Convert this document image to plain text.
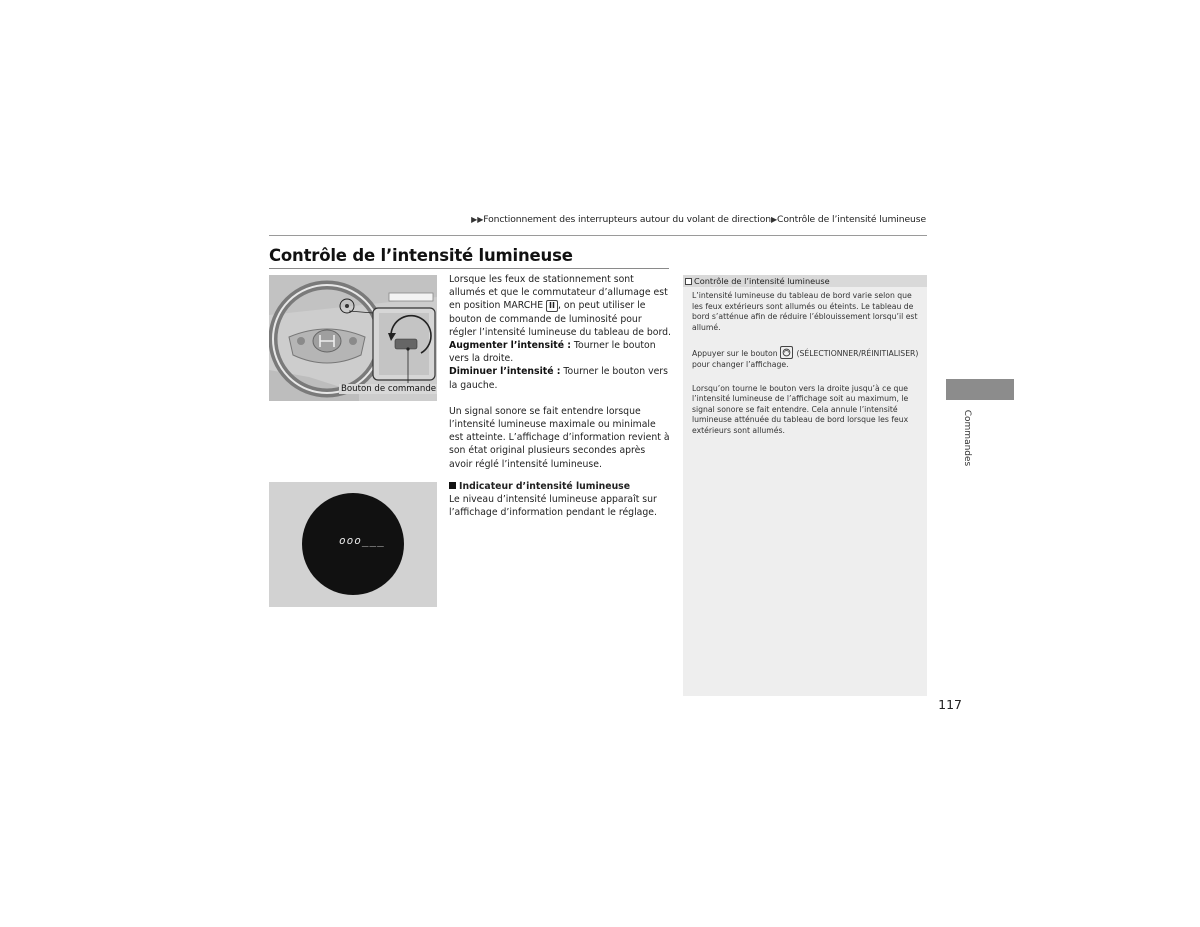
▶▶Fonctionnement des interrupteurs autour du volant de direction▶Contrôle de l’intensité lumineuse
Contrôle de l’intensité lumineuse
Bouton de commande
ooo___

Lorsque les feux de stationnement sont allumés et que le commutateur d’allumage est en position MARCHE II , on peut utiliser le bouton de commande de luminosité pour régler l’intensité lumineuse du tableau de bord.

Augmenter l’intensité : Tourner le bouton vers la droite.

Diminuer l’intensité : Tourner le bouton vers la gauche.

Un signal sonore se fait entendre lorsque l’intensité lumineuse maximale ou minimale est atteinte. L’affichage d’information revient à son état original plusieurs secondes après avoir réglé l’intensité lumineuse.

Indicateur d’intensité lumineuse

Le niveau d’intensité lumineuse apparaît sur l’affichage d’information pendant le réglage.

Contrôle de l’intensité lumineuse

L’intensité lumineuse du tableau de bord varie selon que les feux extérieurs sont allumés ou éteints. Le tableau de bord s’atténue afin de réduire l’éblouissement lorsqu’il est allumé.

Appuyer sur le bouton
(SÉLECTIONNER/RÉINITIALISER) pour changer l’affichage.

Lorsqu’on tourne le bouton vers la droite jusqu’à ce que l’intensité lumineuse de l’affichage soit au maximum, le signal sonore se fait entendre. Cela annule l’intensité lumineuse atténuée du tableau de bord lorsque les feux extérieurs sont allumés.	Commandes
117
